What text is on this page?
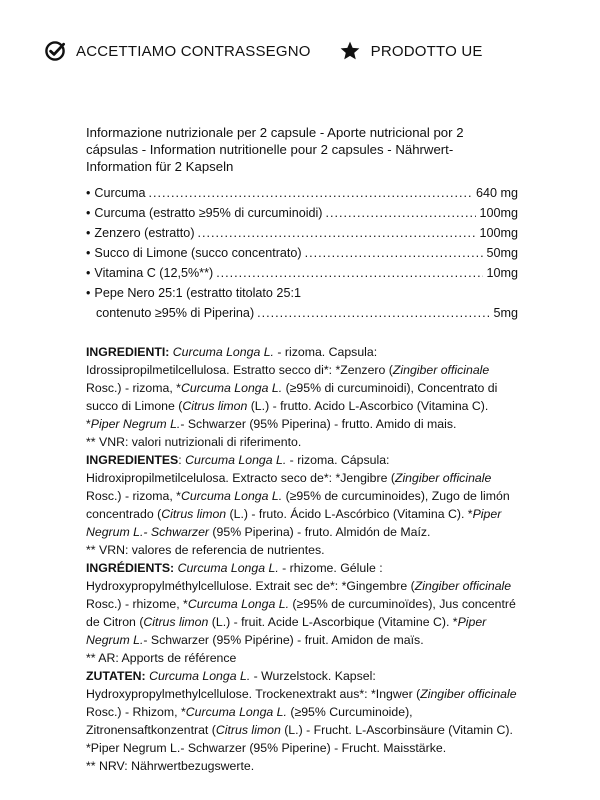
ACCETTIAMO CONTRASSEGNO	PRODOTTO UE

Informazione nutrizionale per 2 capsule - Aporte nutricional por 2 cápsulas - Information nutritionelle pour 2 capsules - Nährwert-Information für 2 Kapseln

• Curcuma .....	640 mg
• Curcuma (estratto ≥95% di curcuminoidi) .....	100mg
• Zenzero (estratto) .....	100mg
• Succo di Limone (succo concentrato) .....	50mg
• Vitamina C (12,5%**) .....	10mg
• Pepe Nero 25:1 (estratto titolato 25:1
contenuto ≥95% di Piperina) .....	5mg

INGREDIENTI: Curcuma Longa L. - rizoma. Capsula: Idrossipropilmetilcellulosa. Estratto secco di*: *Zenzero (Zingiber officinale Rosc.) - rizoma, *Curcuma Longa L. (≥95% di curcuminoidi), Concentrato di succo di Limone (Citrus limon (L.) - frutto. Acido L-Ascorbico (Vitamina C). *Piper Negrum L.- Schwarzer (95% Piperina) - frutto. Amido di mais.

** VNR: valori nutrizionali di riferimento.

INGREDIENTES: Curcuma Longa L. - rizoma. Cápsula: Hidroxipropilmetilcelulosa. Extracto seco de*: *Jengibre (Zingiber officinale Rosc.) - rizoma, *Curcuma Longa L. (≥95% de curcuminoides), Zugo de limón concentrado (Citrus limon (L.) - fruto. Ácido L-Ascórbico (Vitamina C). *Piper Negrum L.- Schwarzer (95% Piperina) - fruto. Almidón de Maíz.

** VRN: valores de referencia de nutrientes.

INGRÉDIENTS: Curcuma Longa L. - rhizome. Gélule : Hydroxypropylméthylcellulose. Extrait sec de*: *Gingembre (Zingiber officinale Rosc.) - rhizome, *Curcuma Longa L. (≥95% de curcuminoïdes), Jus concentré de Citron (Citrus limon (L.) - fruit. Acide L-Ascorbique (Vitamine C). *Piper Negrum L.- Schwarzer (95% Pipérine) - fruit. Amidon de maïs.

** AR: Apports de référence

ZUTATEN: Curcuma Longa L. - Wurzelstock. Kapsel: Hydroxypropylmethylcellulose. Trockenextrakt aus*: *Ingwer (Zingiber officinale Rosc.) - Rhizom, *Curcuma Longa L. (≥95% Curcuminoide), Zitronensaftkonzentrat (Citrus limon (L.) - Frucht. L-Ascorbinsäure (Vitamin C). *Piper Negrum L.- Schwarzer (95% Piperine) - Frucht. Maisstärke.

** NRV: Nährwertbezugswerte.
